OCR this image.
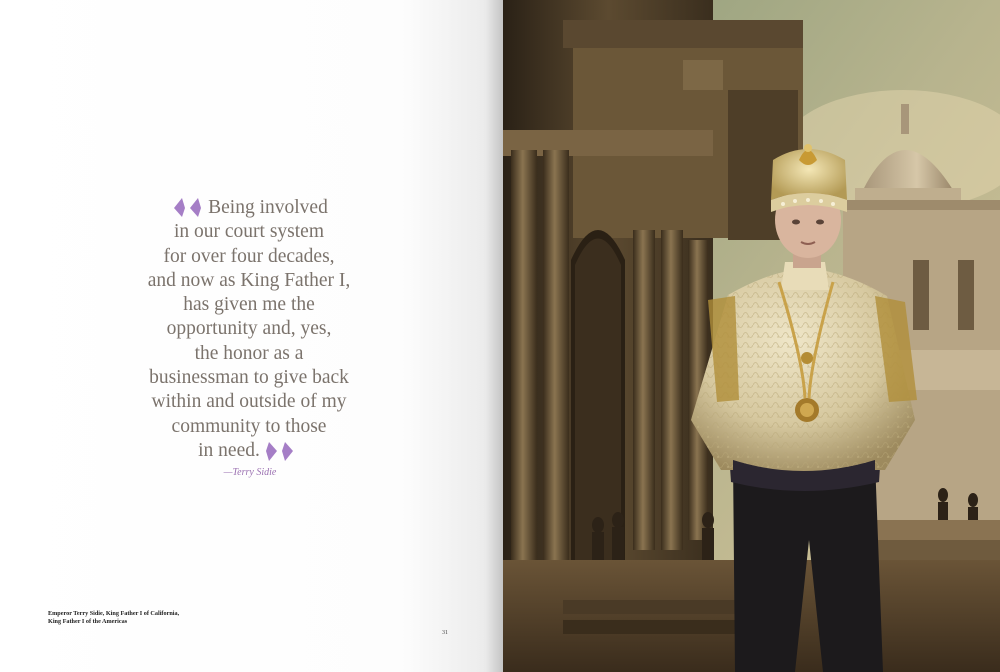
Being involved
in our court system
for over four decades,
and now as King Father I,
has given me the
opportunity and, yes,
the honor as a
businessman to give back
within and outside of my
community to those
in need.
—Terry Sidie
Emperor Terry Sidie, King Father I of California,
King Father I of the Americas
31
